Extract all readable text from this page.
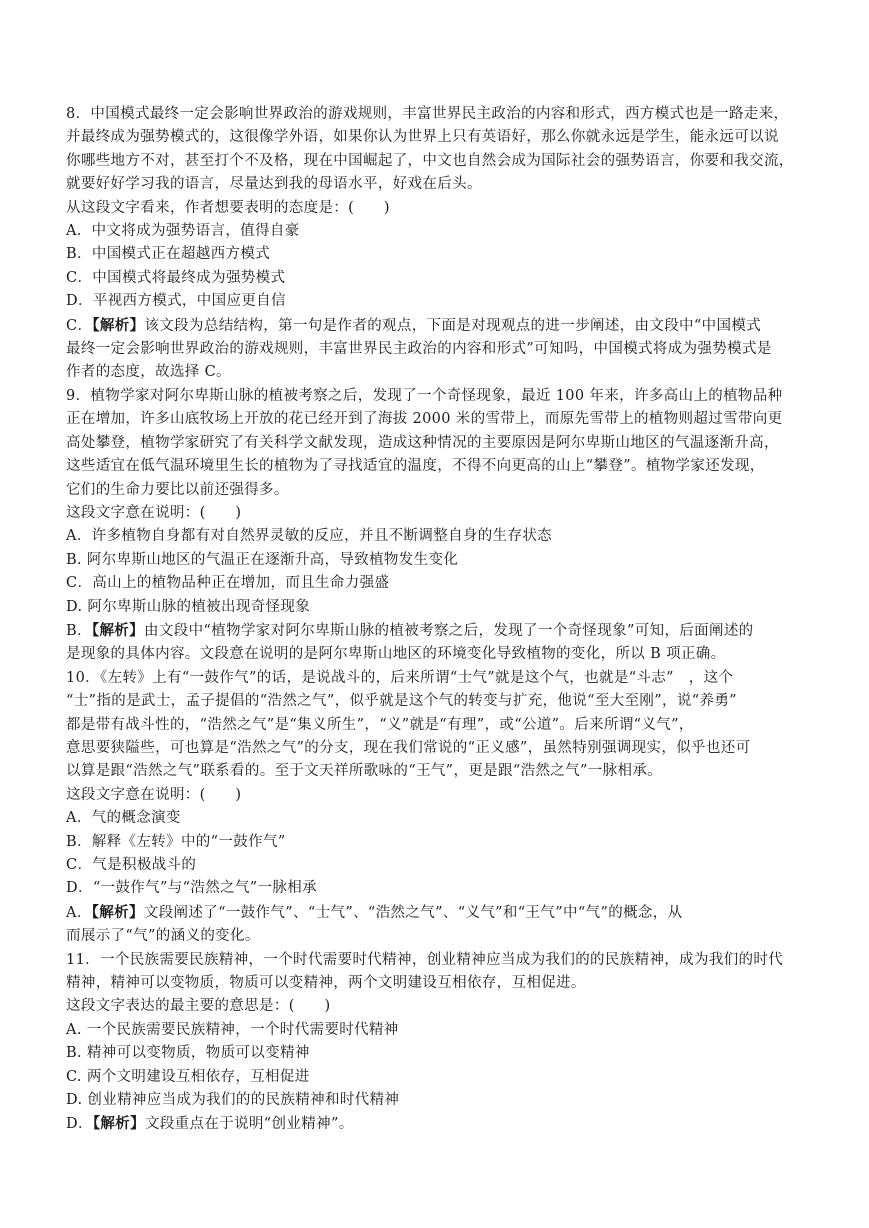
8．中国模式最终一定会影响世界政治的游戏规则，丰富世界民主政治的内容和形式，西方模式也是一路走来，
并最终成为强势模式的，这很像学外语，如果你认为世界上只有英语好，那么你就永远是学生，能永远可以说
你哪些地方不对，甚至打个不及格，现在中国崛起了，中文也自然会成为国际社会的强势语言，你要和我交流，
就要好好学习我的语言，尽量达到我的母语水平，好戏在后头。
从这段文字看来，作者想要表明的态度是：(　　)
A．中文将成为强势语言，值得自豪
B．中国模式正在超越西方模式
C．中国模式将最终成为强势模式
D．平视西方模式，中国应更自信
C．【解析】该文段为总结结构，第一句是作者的观点，下面是对现观点的进一步阐述，由文段中“中国模式
最终一定会影响世界政治的游戏规则，丰富世界民主政治的内容和形式”可知吗，中国模式将成为强势模式是
作者的态度，故选择 C。
9．植物学家对阿尔卑斯山脉的植被考察之后，发现了一个奇怪现象，最近 100 年来，许多高山上的植物品种
正在增加，许多山底牧场上开放的花已经开到了海拔 2000 米的雪带上，而原先雪带上的植物则超过雪带向更
高处攀登，植物学家研究了有关科学文献发现，造成这种情况的主要原因是阿尔卑斯山地区的气温逐渐升高，
这些适宜在低气温环境里生长的植物为了寻找适宜的温度，不得不向更高的山上“攀登”。植物学家还发现，
它们的生命力要比以前还强得多。
这段文字意在说明：(　　)
A．许多植物自身都有对自然界灵敏的反应，并且不断调整自身的生存状态
B. 阿尔卑斯山地区的气温正在逐渐升高，导致植物发生变化
C．高山上的植物品种正在增加，而且生命力强盛
D. 阿尔卑斯山脉的植被出现奇怪现象
B．【解析】由文段中“植物学家对阿尔卑斯山脉的植被考察之后，发现了一个奇怪现象”可知，后面阐述的
是现象的具体内容。文段意在说明的是阿尔卑斯山地区的环境变化导致植物的变化，所以 B 项正确。
10．《左转》上有“一鼓作气”的话，是说战斗的，后来所谓“士气”就是这个气，也就是“斗志”　，这个
“士”指的是武士，孟子提倡的“浩然之气”，似乎就是这个气的转变与扩充，他说“至大至刚”，说“养勇”
都是带有战斗性的，“浩然之气”是“集义所生”，“义”就是“有理”，或“公道”。后来所谓“义气”，
意思要狭隘些，可也算是“浩然之气”的分支，现在我们常说的“正义感”，虽然特别强调现实，似乎也还可
以算是跟“浩然之气”联系看的。至于文天祥所歌咏的“王气”，更是跟“浩然之气”一脉相承。
这段文字意在说明：(　　)
A．气的概念演变
B．解释《左转》中的“一鼓作气”
C．气是积极战斗的
D．“一鼓作气”与“浩然之气”一脉相承
A．【解析】文段阐述了“一鼓作气”、“士气”、“浩然之气”、“义气”和“王气”中“气”的概念，从
而展示了“气”的涵义的变化。
11．一个民族需要民族精神，一个时代需要时代精神，创业精神应当成为我们的的民族精神，成为我们的时代
精神，精神可以变物质，物质可以变精神，两个文明建设互相依存，互相促进。
这段文字表达的最主要的意思是：(　　)
A. 一个民族需要民族精神，一个时代需要时代精神
B. 精神可以变物质，物质可以变精神
C. 两个文明建设互相依存，互相促进
D. 创业精神应当成为我们的的民族精神和时代精神
D．【解析】文段重点在于说明“创业精神”。
